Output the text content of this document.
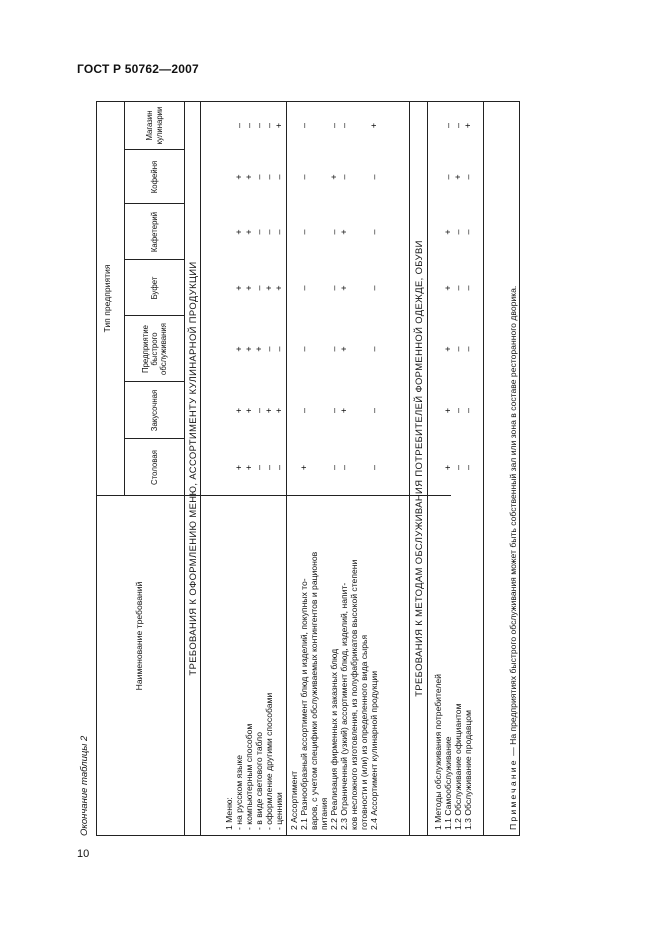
ГОСТ Р 50762—2007
10
Окончание таблицы 2
Наименование требований
Тип предприятия
Столовая
Закусочная
Предприятие быстрого обслуживания
Буфет
Кафетерий
Кофейня
Магазин кулинарии
ТРЕБОВАНИЯ К ОФОРМЛЕНИЮ МЕНЮ, АССОРТИМЕНТУ КУЛИНАРНОЙ ПРОДУКЦИИ
1 Меню: - на русском языке - компьютерным способом - в виде светового табло - оформление другими способами - ценники 2 Ассортимент 2.1 Разнообразный ассортимент блюд и изделий, покупных то- варов, с учетом специфики обслуживаемых контингентов и рационов питания 2.2 Реализация фирменных и заказных блюд 2.3 Ограниченный (узкий) ассортимент блюд, изделий, напит- ков несложного изготовления, из полуфабрикатов высокой степени готовности и (или) из определенного вида сырья 2.4 Ассортимент кулинарной продукции
ТРЕБОВАНИЯ К МЕТОДАМ ОБСЛУЖИВАНИЯ ПОТРЕБИТЕЛЕЙ ФОРМЕННОЙ ОДЕЖДЕ, ОБУВИ
1 Методы обслуживания потребителей 1.1 Самообслуживание 1.2 Обслуживание официантом 1.3 Обслуживание продавцом
+
+
+
+
+
+
–
+
+
+
+
+
+
–
–
–
+
–
–
–
–
–
+
–
+
–
–
–
–
+
–
+
–
–
+
+
–
–
–
–
–
–
–
–
–
–
–
+
–
–
+
+
+
+
–
–
–
–
–
–
–
–
+
+
+
+
+
+
–
–
–
–
–
–
–
+
–
–
–
–
–
–
–
+
Примечание — На предприятиях быстрого обслуживания может быть собственный зал или зона в составе ресторанного дворика.
